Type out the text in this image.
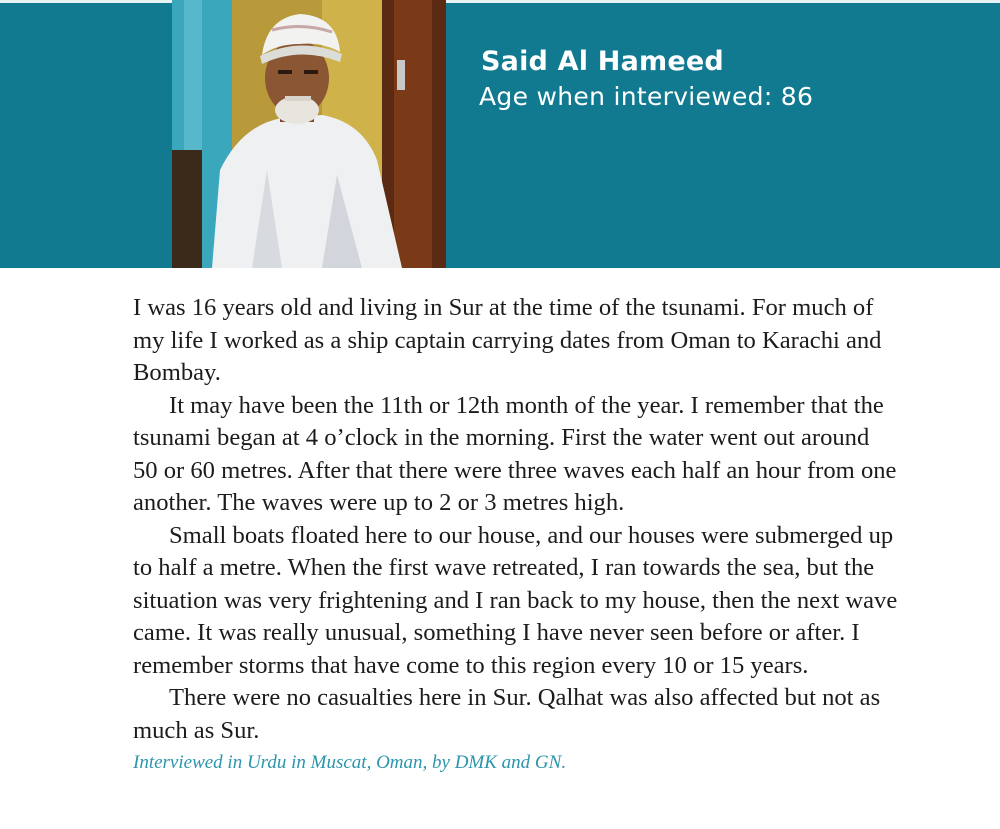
Said Al Hameed
Age when interviewed: 86

I was 16 years old and living in Sur at the time of the tsunami. For much of
my life I worked as a ship captain carrying dates from Oman to Karachi and
Bombay.

It may have been the 11th or 12th month of the year. I remember that the
tsunami began at 4 o’clock in the morning. First the water went out around
50 or 60 metres. After that there were three waves each half an hour from one
another. The waves were up to 2 or 3 metres high.

Small boats floated here to our house, and our houses were submerged up
to half a metre. When the first wave retreated, I ran towards the sea, but the
situation was very frightening and I ran back to my house, then the next wave
came. It was really unusual, something I have never seen before or after. I
remember storms that have come to this region every 10 or 15 years.

There were no casualties here in Sur. Qalhat was also affected but not as
much as Sur.

Interviewed in Urdu in Muscat, Oman, by DMK and GN.
